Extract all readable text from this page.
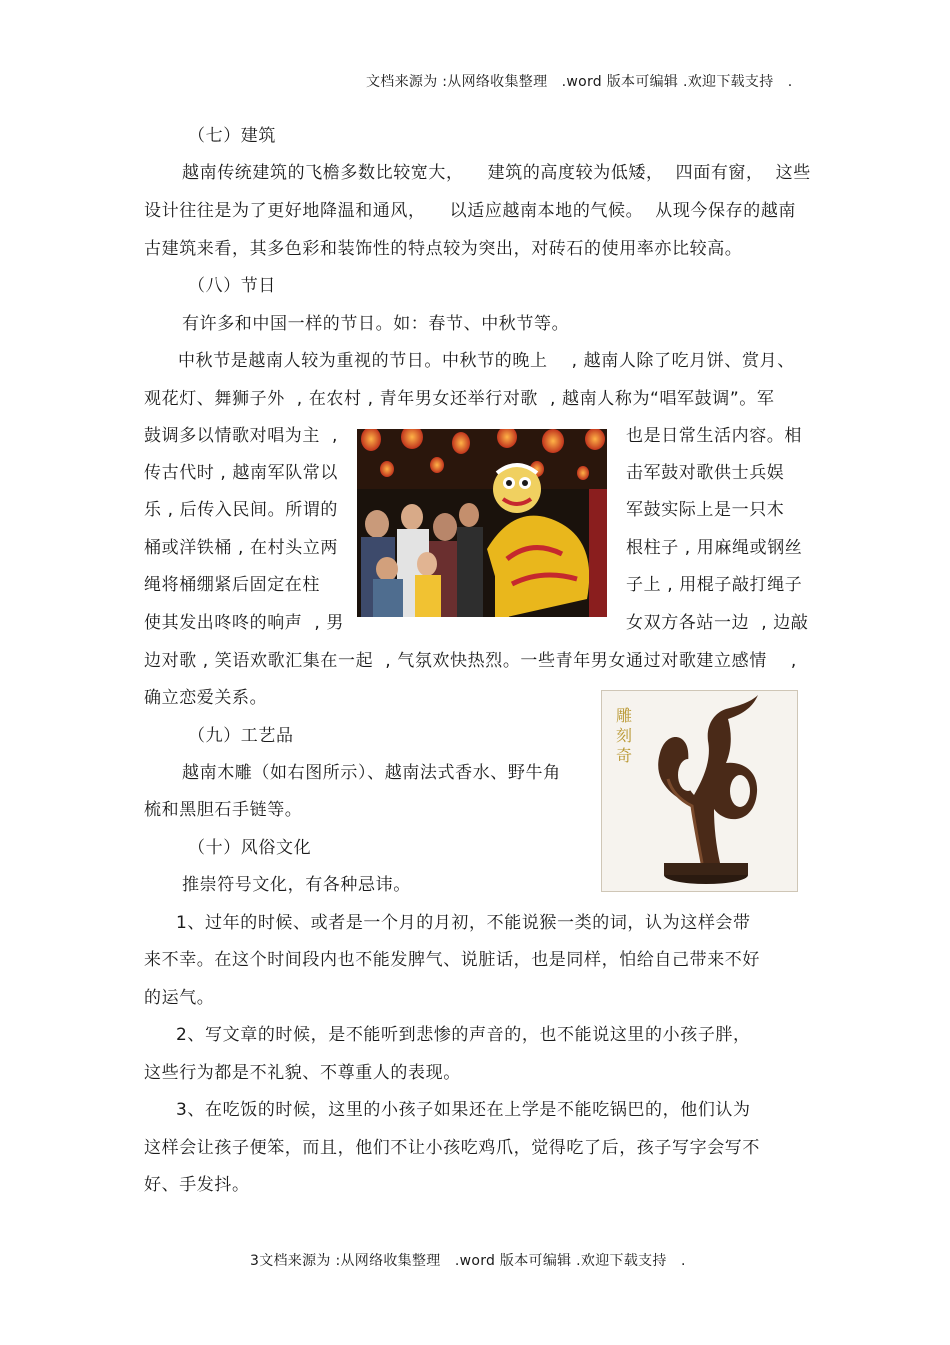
文档来源为 :从网络收集整理   .word 版本可编辑 .欢迎下载支持   .
（七）建筑
越南传统建筑的飞檐多数比较宽大，    建筑的高度较为低矮，  四面有窗，  这些
设计往往是为了更好地降温和通风，    以适应越南本地的气候。  从现今保存的越南
古建筑来看，其多色彩和装饰性的特点较为突出，对砖石的使用率亦比较高。
（八）节日
有许多和中国一样的节日。如：春节、中秋节等。
中秋节是越南人较为重视的节日。中秋节的晚上    , 越南人除了吃月饼、赏月、
观花灯、舞狮子外  , 在农村 , 青年男女还举行对歌  , 越南人称为“唱军鼓调”。军
鼓调多以情歌对唱为主  ,
传古代时 , 越南军队常以
乐 , 后传入民间。所谓的
桶或洋铁桶 , 在村头立两
绳将桶绷紧后固定在柱
使其发出咚咚的响声  , 男
也是日常生活内容。相
击军鼓对歌供士兵娱
军鼓实际上是一只木
根柱子 , 用麻绳或钢丝
子上 , 用棍子敲打绳子
女双方各站一边  , 边敲
边对歌 , 笑语欢歌汇集在一起  , 气氛欢快热烈。一些青年男女通过对歌建立感情    ,
确立恋爱关系。
（九）工艺品
越南木雕（如右图所示）、越南法式香水、野牛角
梳和黑胆石手链等。
雕
刻
奇
（十）风俗文化
推崇符号文化，有各种忌讳。
1、过年的时候、或者是一个月的月初，不能说猴一类的词，认为这样会带
来不幸。在这个时间段内也不能发脾气、说脏话，也是同样，怕给自己带来不好
的运气。
2、写文章的时候，是不能听到悲惨的声音的，也不能说这里的小孩子胖，
这些行为都是不礼貌、不尊重人的表现。
3、在吃饭的时候，这里的小孩子如果还在上学是不能吃锅巴的，他们认为
这样会让孩子便笨，而且，他们不让小孩吃鸡爪，觉得吃了后，孩子写字会写不
好、手发抖。
3文档来源为 :从网络收集整理   .word 版本可编辑 .欢迎下载支持   .
